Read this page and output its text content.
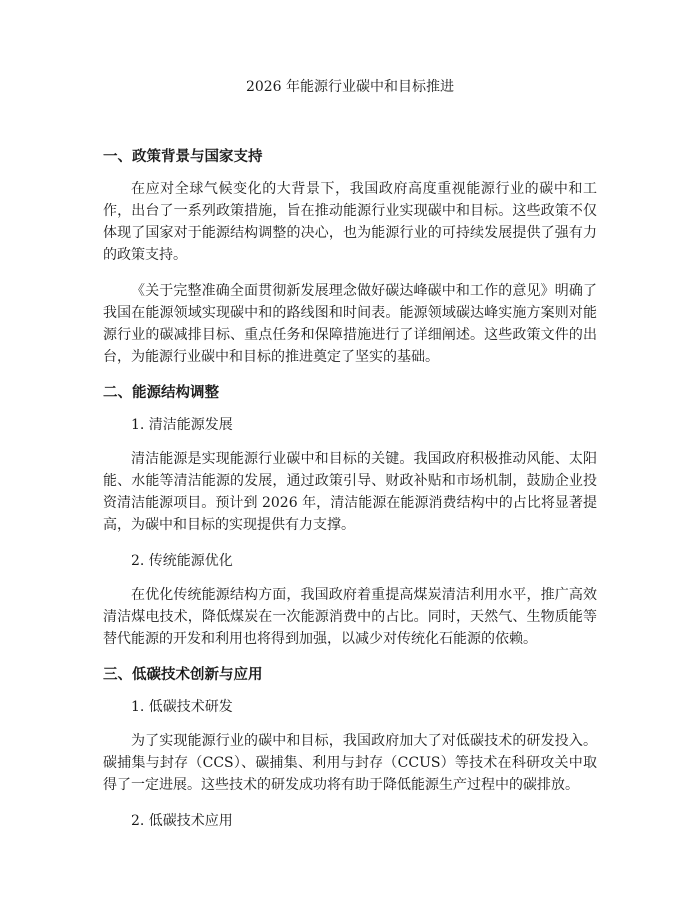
2026 年能源行业碳中和目标推进
一、政策背景与国家支持

在应对全球气候变化的大背景下，我国政府高度重视能源行业的碳中和工作，出台了一系列政策措施，旨在推动能源行业实现碳中和目标。这些政策不仅体现了国家对于能源结构调整的决心，也为能源行业的可持续发展提供了强有力的政策支持。

《关于完整准确全面贯彻新发展理念做好碳达峰碳中和工作的意见》明确了我国在能源领域实现碳中和的路线图和时间表。能源领域碳达峰实施方案则对能源行业的碳减排目标、重点任务和保障措施进行了详细阐述。这些政策文件的出台，为能源行业碳中和目标的推进奠定了坚实的基础。

二、能源结构调整
1. 清洁能源发展

清洁能源是实现能源行业碳中和目标的关键。我国政府积极推动风能、太阳能、水能等清洁能源的发展，通过政策引导、财政补贴和市场机制，鼓励企业投资清洁能源项目。预计到 2026 年，清洁能源在能源消费结构中的占比将显著提高，为碳中和目标的实现提供有力支撑。

2. 传统能源优化

在优化传统能源结构方面，我国政府着重提高煤炭清洁利用水平，推广高效清洁煤电技术，降低煤炭在一次能源消费中的占比。同时，天然气、生物质能等替代能源的开发和利用也将得到加强，以减少对传统化石能源的依赖。

三、低碳技术创新与应用
1. 低碳技术研发

为了实现能源行业的碳中和目标，我国政府加大了对低碳技术的研发投入。碳捕集与封存（CCS）、碳捕集、利用与封存（CCUS）等技术在科研攻关中取得了一定进展。这些技术的研发成功将有助于降低能源生产过程中的碳排放。

2. 低碳技术应用
